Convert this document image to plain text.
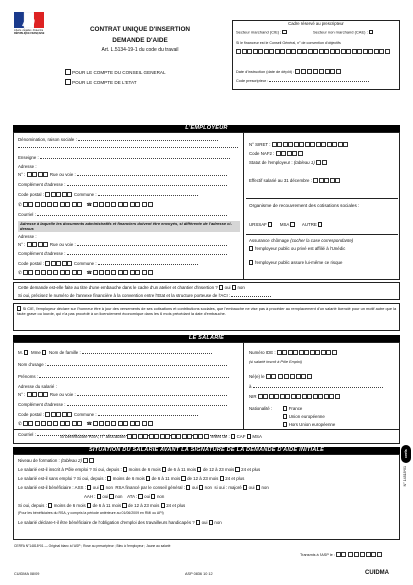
Liberté • Égalité • Fraternité
RÉPUBLIQUE FRANÇAISE
CONTRAT UNIQUE D'INSERTION
DEMANDE D'AIDE
Art. L.5134-19-1 du code du travail
POUR LE COMPTE DU CONSEIL GENERAL
POUR LE COMPTE DE L'ETAT
Cadre réservé au prescripteur
Secteur marchand (CIE) :	Secteur non marchand (CAE) :
Si le financeur est le Conseil Général, n° de convention d'objectifs
Date d'instruction (date de dépôt) :
Code prescripteur :
L'EMPLOYEUR
Dénomination, raison sociale :
Enseigne :
Adresse :
N° :	Rue ou voie :
Complément d'adresse :
Code postal :	Commune :
✆	☎
Courriel :
Adresse à laquelle les documents administratifs et financiers doivent être envoyés, si différente de l'adresse ci-dessus
Adresse :
N° :	Rue ou voie :
Complément d'adresse :
Code postal :	Commune :
✆	☎
N° SIRET :
Code NAF2 :
Statut de l'employeur : (tableau 1)
Effectif salarié au 31 décembre :
Organisme de recouvrement des cotisations sociales :
URSSAF	MSA	AUTRE
Assurance chômage (cocher la case correspondante)
l'employeur public ou privé est affilié à l'Unédic
l'employeur public assure lui-même ce risque
Cette demande est-elle faite au titre d'une embauche dans le cadre d'un atelier et chantier d'insertion ? oui non
Si oui, précisez le numéro de l'annexe financière à la convention entre l'Etat et la structure porteuse de l'ACI :
Si CIE, l'employeur déclare sur l'honneur être à jour des versements de ses cotisations et contributions sociales, que l'embauche ne vise pas à procéder au remplacement d'un salarié licencié pour un motif autre que la faute grave ou lourde, qui n'a pas procédé à un licenciement économique dans les 6 mois précédant la date d'embauche.
LE SALARIÉ
M. Mme Nom de famille :
Nom d'usage :
Prénoms :
Adresse du salarié :
N° :	Rue ou voie :
Complément d'adresse :
Code postal :	Commune :
✆	☎
Courriel :
Numéro IDE :
(si salarié inscrit à Pôle Emploi)
Né(e) le
à
NIR
Nationalité :	France
Union européenne
Hors Union européenne
Si bénéficiaire RSA, n° allocataire	relies de : CAF MSA
SITUATION DU SALARIÉ AVANT LA SIGNATURE DE LA DEMANDE D'AIDE INITIALE
Niveau de formation : (tableau 2)
Le salarié est-il inscrit à Pôle emploi ? Si oui, depuis : moins de 6 mois de 6 à 11 mois de 12 à 23 mois 24 et plus
Le salarié est-il sans emploi ? Si oui, depuis : moins de 6 mois de 6 à 11 mois de 12 à 23 mois 24 et plus
Le salarié est-il bénéficiaire : ASS : oui non RSA financé par le conseil général : oui non si oui : majoré oui non
AAH : oui non ATA : oui non
Si oui, depuis : moins de 6 mois de 6 à 11 mois de 12 à 23 mois 24 et plus
(Pour les bénéficiaires du RSA, y compris la période antérieure au 01/06/2009 en RMI ou API)
Le salarié déclare-t-il être bénéficiaire de l'obligation d'emploi des travailleurs handicapés ? oui non
CERFA N°14818*01 — Original blanc à l'ASP ; Rose au prescripteur ; Bleu à l'employeur ; Jaune au salarié
Transmis à l'ASP le :
CUIDMA 08/09	ASP 0836 10 12	CUIDMA
cerfa
N° 14818*01
